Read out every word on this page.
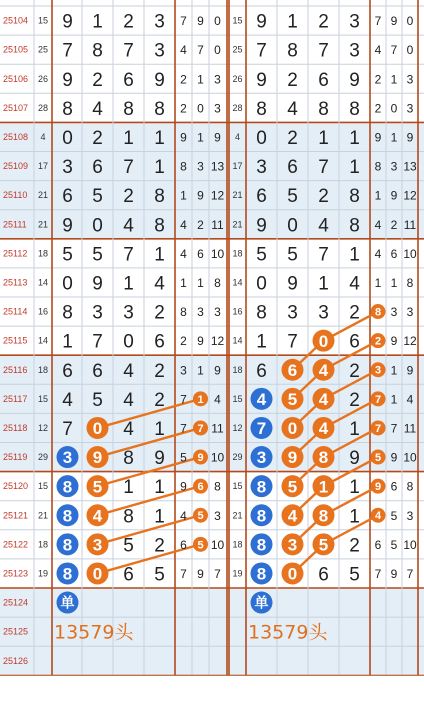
25104 15 9 1 2 3 7 9 0 15 9 1 2 3 7 9 0
25105 25 7 8 7 3 4 7 0 25 7 8 7 3 4 7 0
25106 26 9 2 6 9 2 1 3 26 9 2 6 9 2 1 3
25107 28 8 4 8 8 2 0 3 28 8 4 8 8 2 0 3
25108 4 0 2 1 1 9 1 9 4 0 2 1 1 9 1 9
25109 17 3 6 7 1 8 3 13 17 3 6 7 1 8 3 13
25110 21 6 5 2 8 1 9 12 21 6 5 2 8 1 9 12
25111 21 9 0 4 8 4 2 11 21 9 0 4 8 4 2 11
25112 18 5 5 7 1 4 6 10 18 5 5 7 1 4 6 10
25113 14 0 9 1 4 1 1 8 14 0 9 1 4 1 1 8
25114 16 8 3 3 2 8 3 3 16 8 3 3 2 8 3 3
25115 14 1 7 0 6 2 9 12 14 1 7 0 6 2 9 12
25116 18 6 6 4 2 3 1 9 18 6 6 4 2 3 1 9
25117 15 4 5 4 2 7 1 4 15 4 5 4 2 7 1 4
25118 12 7 0 4 1 7 7 11 12 7 0 4 1 7 7 11
25119 29 3 9 8 9 5 9 10 29 3 9 8 9 5 9 10
25120 15 8 5 1 1 9 6 8 15 8 5 1 1 9 6 8
25121 21 8 4 8 1 4 5 3 21 8 4 8 1 4 5 3
25122 18 8 3 5 2 6 5 10 18 8 3 5 2 6 5 10
25123 19 8 0 6 5 7 9 7 19 8 0 6 5 7 9 7
25124
25125
25126
单
13579头
单
13579头
